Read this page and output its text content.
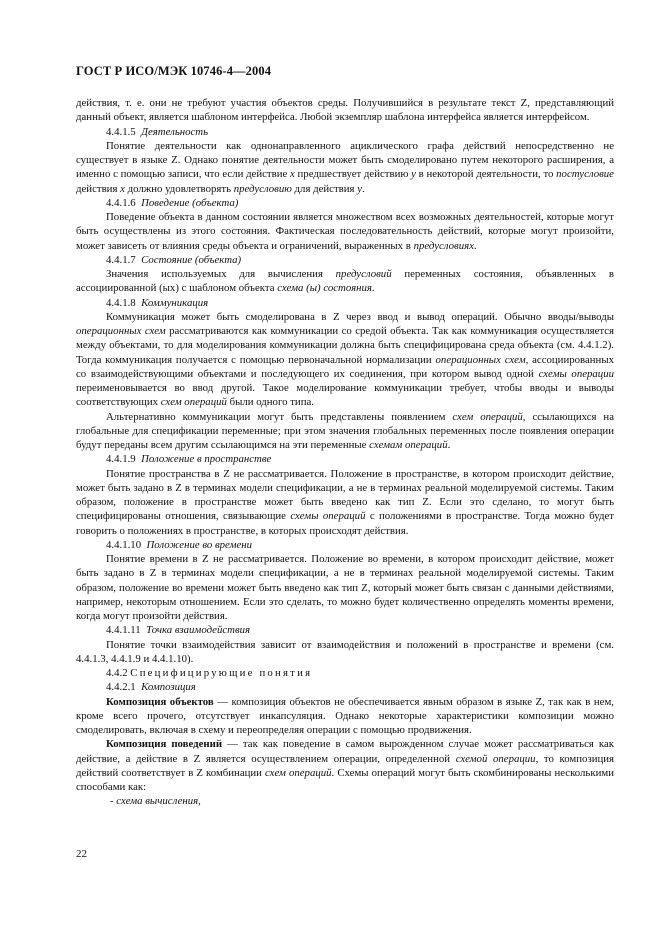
ГОСТ Р ИСО/МЭК 10746-4—2004

действия, т. е. они не требуют участия объектов среды. Получившийся в результате текст Z, представляющий данный объект, является шаблоном интерфейса. Любой экземпляр шаблона интерфейса является интерфейсом.

4.4.1.5 Деятельность

Понятие деятельности как однонаправленного ациклического графа действий непосредственно не существует в языке Z. Однако понятие деятельности может быть смоделировано путем некоторого расширения, а именно с помощью записи, что если действие x предшествует действию y в некоторой деятельности, то постусловие действия x должно удовлетворять предусловию для действия y.

4.4.1.6 Поведение (объекта)

Поведение объекта в данном состоянии является множеством всех возможных деятельностей, которые могут быть осуществлены из этого состояния. Фактическая последовательность действий, которые могут произойти, может зависеть от влияния среды объекта и ограничений, выраженных в предусловиях.

4.4.1.7 Состояние (объекта)

Значения используемых для вычисления предусловий переменных состояния, объявленных в ассоциированной (ых) с шаблоном объекта схема (ы) состояния.

4.4.1.8 Коммуникация

Коммуникация может быть смоделирована в Z через ввод и вывод операций. Обычно вводы/выводы операционных схем рассматриваются как коммуникации со средой объекта. Так как коммуникация осуществляется между объектами, то для моделирования коммуникации должна быть специфицирована среда объекта (см. 4.4.1.2). Тогда коммуникация получается с помощью первоначальной нормализации операционных схем, ассоциированных со взаимодействующими объектами и последующего их соединения, при котором вывод одной схемы операции переименовывается во ввод другой. Такое моделирование коммуникации требует, чтобы вводы и выводы соответствующих схем операций были одного типа.

Альтернативно коммуникации могут быть представлены появлением схем операций, ссылающихся на глобальные для спецификации переменные; при этом значения глобальных переменных после появления операции будут переданы всем другим ссылающимся на эти переменные схемам операций.

4.4.1.9 Положение в пространстве

Понятие пространства в Z не рассматривается. Положение в пространстве, в котором происходит действие, может быть задано в Z в терминах модели спецификации, а не в терминах реальной моделируемой системы. Таким образом, положение в пространстве может быть введено как тип Z. Если это сделано, то могут быть специфицированы отношения, связывающие схемы операций с положениями в пространстве. Тогда можно будет говорить о положениях в пространстве, в которых происходят действия.

4.4.1.10 Положение во времени

Понятие времени в Z не рассматривается. Положение во времени, в котором происходит действие, может быть задано в Z в терминах модели спецификации, а не в терминах реальной моделируемой системы. Таким образом, положение во времени может быть введено как тип Z, который может быть связан с данными действиями, например, некоторым отношением. Если это сделать, то можно будет количественно определять моменты времени, когда могут произойти действия.

4.4.1.11 Точка взаимодействия

Понятие точки взаимодействия зависит от взаимодействия и положений в пространстве и времени (см. 4.4.1.3, 4.4.1.9 и 4.4.1.10).

4.4.2 Специфицирующие понятия

4.4.2.1 Композиция

Композиция объектов — композиция объектов не обеспечивается явным образом в языке Z, так как в нем, кроме всего прочего, отсутствует инкапсуляция. Однако некоторые характеристики композиции можно смоделировать, включая в схему и переопределяя операции с помощью продвижения.

Композиция поведений — так как поведение в самом вырожденном случае может рассматриваться как действие, а действие в Z является осуществлением операции, определенной схемой операции, то композиция действий соответствует в Z комбинации схем операций. Схемы операций могут быть скомбинированы несколькими способами как:

- схема вычисления,

22
